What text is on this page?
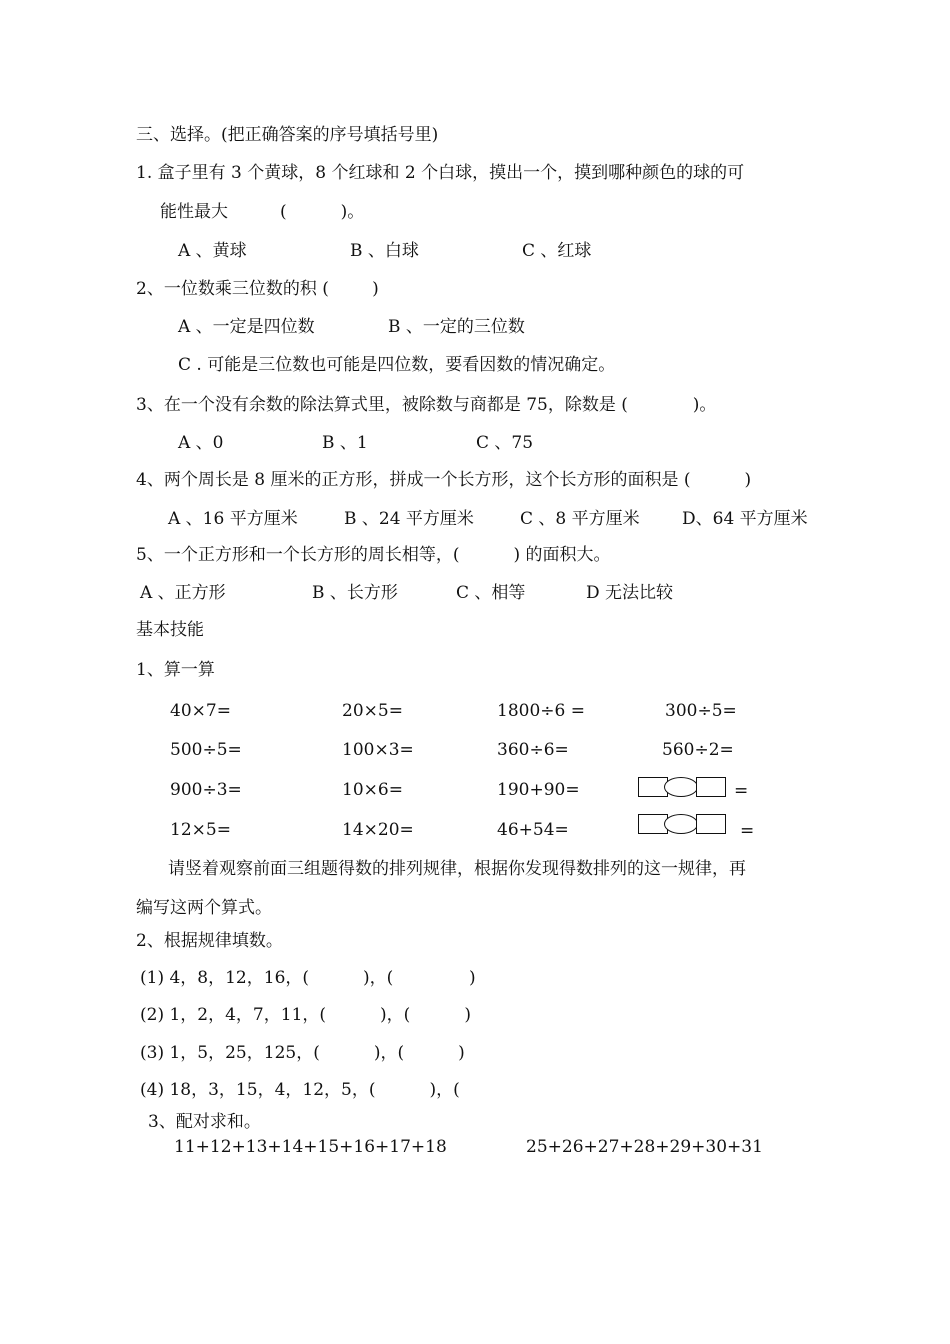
三、选择。(把正确答案的序号填括号里)
1. 盒子里有 3 个黄球，8 个红球和 2 个白球，摸出一个，摸到哪种颜色的球的可
能性最大	(          )。
A 、黄球	B 、白球	C 、红球
2、一位数乘三位数的积 (        )
A 、一定是四位数	B 、一定的三位数
C . 可能是三位数也可能是四位数，要看因数的情况确定。
3、在一个没有余数的除法算式里，被除数与商都是 75，除数是 (            )。
A 、0	B 、1	C 、75
4、两个周长是 8 厘米的正方形，拼成一个长方形，这个长方形的面积是 (          )
A 、16 平方厘米	B 、24 平方厘米	C 、8 平方厘米 D、64 平方厘米
5、一个正方形和一个长方形的周长相等，(          ) 的面积大。
A 、正方形	B 、长方形	C 、相等	D 无法比较
基本技能
1、算一算
40×7=	20×5=	1800÷6 =	300÷5=
500÷5=	100×3=	360÷6=	560÷2=
900÷3=	10×6=	190+90=	=
12×5=	14×20=	46+54=	=
请竖着观察前面三组题得数的排列规律，根据你发现得数排列的这一规律，再
编写这两个算式。
2、根据规律填数。
(1) 4，8，12，16，(          )，(              )
(2) 1，2，4，7，11，(          )，(          )
(3) 1，5，25，125，(          )，(          )
(4) 18，3，15，4，12，5，(          )，(
3、配对求和。
11+12+13+14+15+16+17+18	25+26+27+28+29+30+31
